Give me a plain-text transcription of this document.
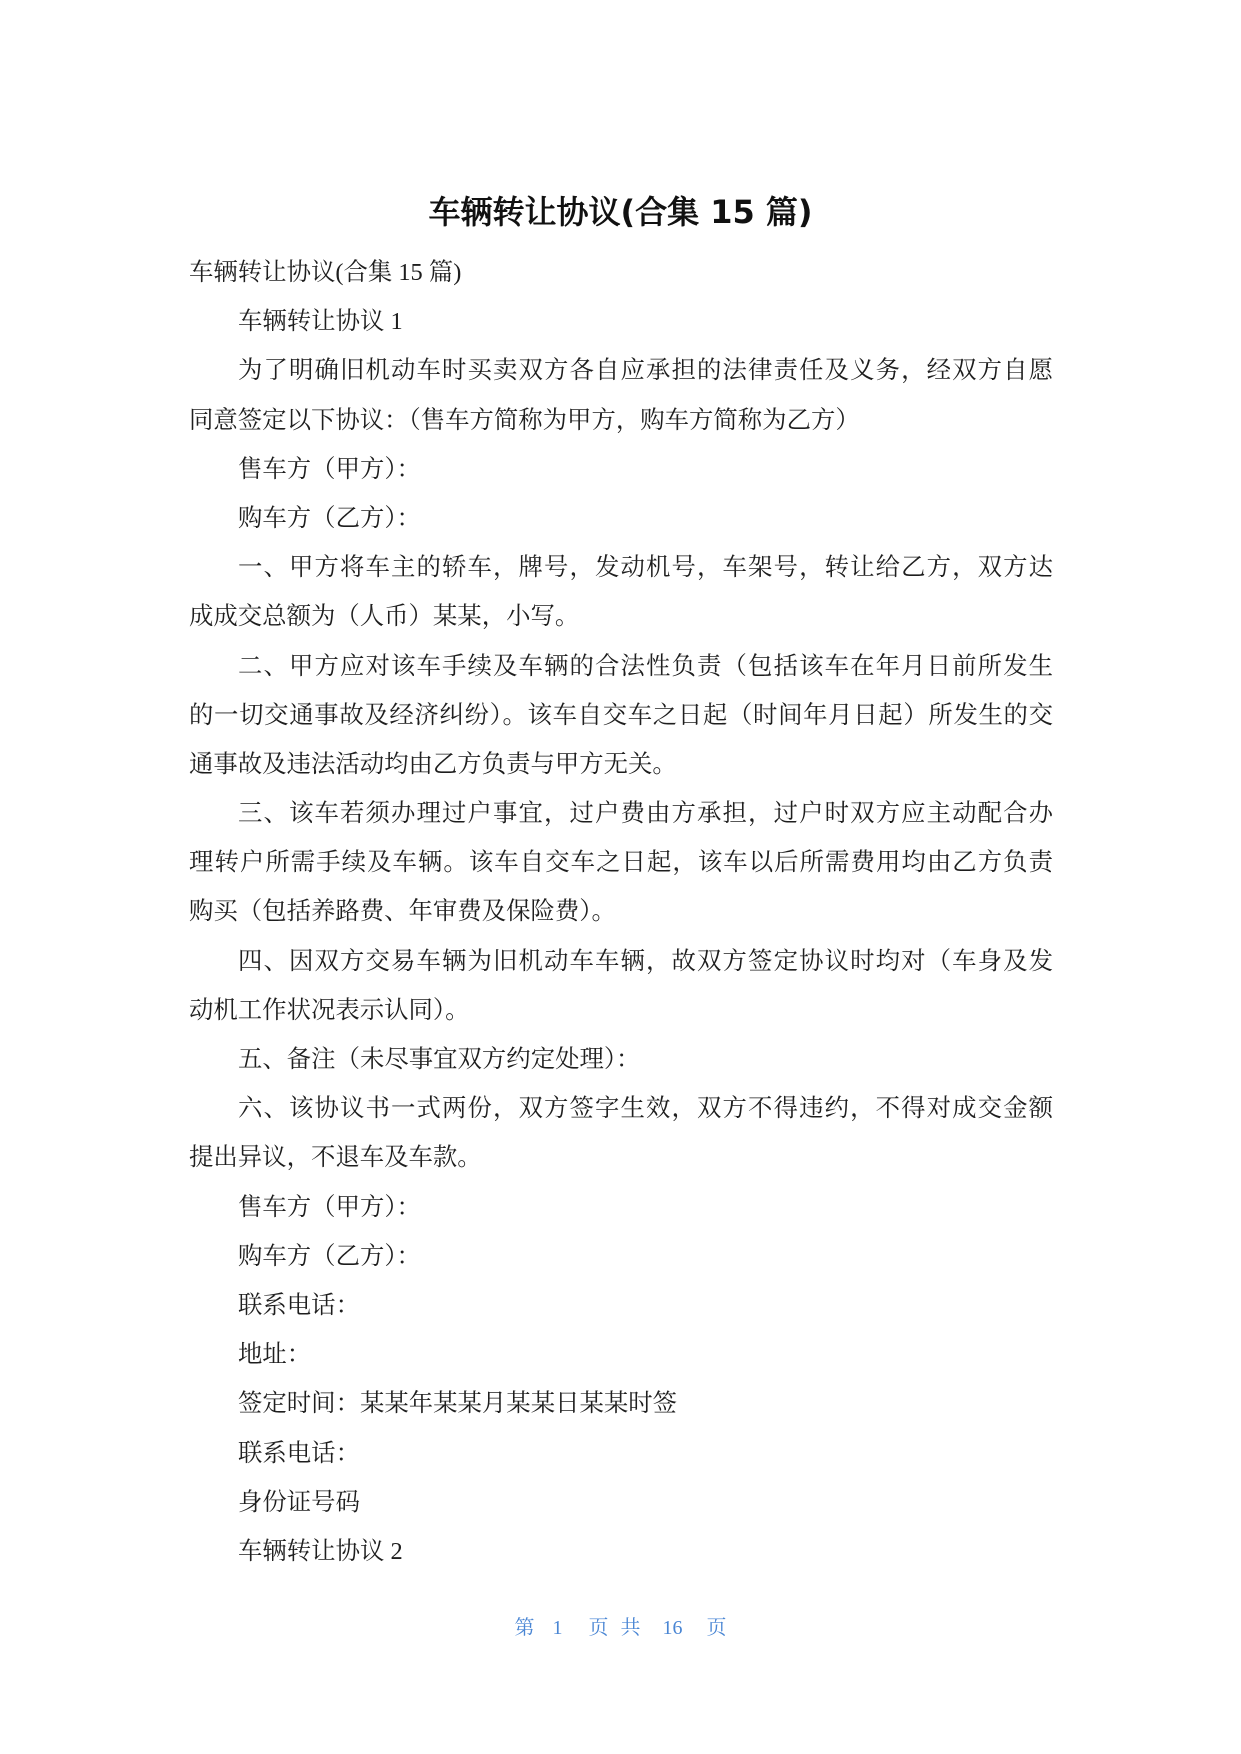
车辆转让协议(合集 15 篇)
车辆转让协议(合集 15 篇)
车辆转让协议 1
为了明确旧机动车时买卖双方各自应承担的法律责任及义务，经双方自愿
同意签定以下协议：（售车方简称为甲方，购车方简称为乙方）
售车方（甲方）：
购车方（乙方）：
一、甲方将车主的轿车，牌号，发动机号，车架号，转让给乙方，双方达
成成交总额为（人币）某某，小写。
二、甲方应对该车手续及车辆的合法性负责（包括该车在年月日前所发生
的一切交通事故及经济纠纷）。该车自交车之日起（时间年月日起）所发生的交
通事故及违法活动均由乙方负责与甲方无关。
三、该车若须办理过户事宜，过户费由方承担，过户时双方应主动配合办
理转户所需手续及车辆。该车自交车之日起，该车以后所需费用均由乙方负责
购买（包括养路费、年审费及保险费）。
四、因双方交易车辆为旧机动车车辆，故双方签定协议时均对（车身及发
动机工作状况表示认同）。
五、备注（未尽事宜双方约定处理）：
六、该协议书一式两份，双方签字生效，双方不得违约，不得对成交金额
提出异议，不退车及车款。
售车方（甲方）：
购车方（乙方）：
联系电话：
地址：
签定时间：某某年某某月某某日某某时签
联系电话：
身份证号码
车辆转让协议 2
第 1 页 共 16 页
